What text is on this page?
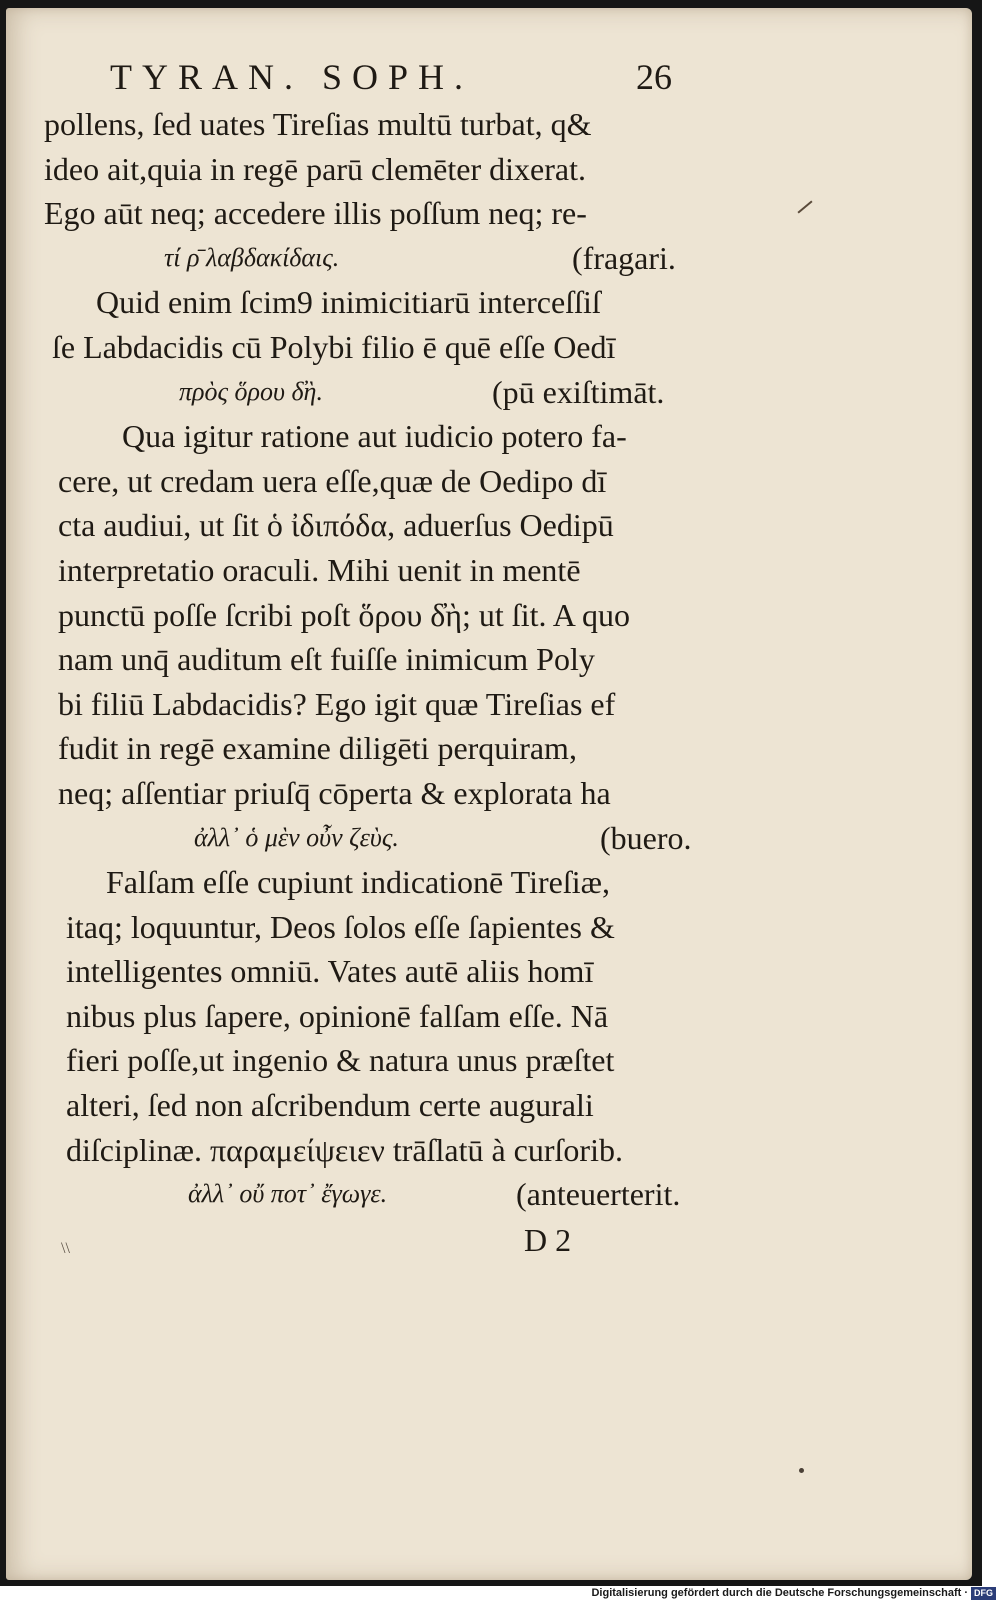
TYRAN. SOPH.	26
pollens, ſed uates Tireſias multū turbat, q&
ideo ait,quia in regē parū clemēter dixerat.
Ego aūt neq; accedere illis poſſum neq; re-
τί ρ̄ λαβδακίδαις.	(fragari.
Quid enim ſcim9 inimicitiarū interceſſiſ
ſe Labdacidis cū Polybi filio ē quē eſſe Oedī
πρὸς ὅρου δ̓ὴ.	(pū exiſtimāt.
Qua igitur ratione aut iudicio potero fa-
cere, ut credam uera eſſe,quæ de Oedipo dī
cta audiui, ut ſit ὁ ἰδιπόδα, aduerſus Oedipū
interpretatio oraculi. Mihi uenit in mentē
punctū poſſe ſcribi poſt ὅρου δ̓ὴ; ut ſit. A quo
nam unq̄ auditum eſt fuiſſe inimicum Poly
bi filiū Labdacidis? Ego igit quæ Tireſias ef
fudit in regē examine diligēti perquiram,
neq; aſſentiar priuſq̄ cōperta & explorata ha
ἀλλ᾽ ὁ μὲν οὖν ζεὺς.	(buero.
Falſam eſſe cupiunt indicationē Tireſiæ,
itaq; loquuntur, Deos ſolos eſſe ſapientes &
intelligentes omniū. Vates autē aliis homī
nibus plus ſapere, opinionē falſam eſſe. Nā
fieri poſſe,ut ingenio & natura unus præſtet
alteri, ſed non aſcribendum certe augurali
diſciplinæ. παραμείψειεν trāſlatū à curſorib.
ἀλλ᾽ οὔ ποτ᾽ ἔγωγε.	(anteuerterit.
D 2
\\
Digitalisierung gefördert durch die Deutsche Forschungsgemeinschaft · DFG
